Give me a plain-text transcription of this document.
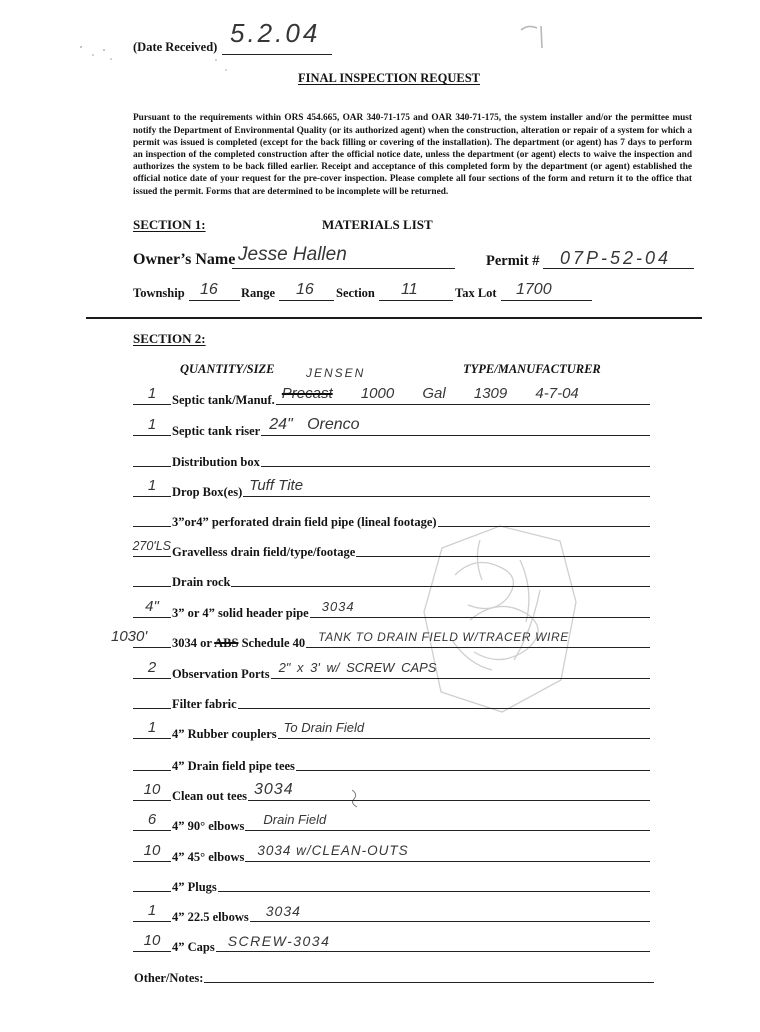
(Date Received) 5.2.04
FINAL INSPECTION REQUEST

Pursuant to the requirements within ORS 454.665, OAR 340-71-175 and OAR 340-71-175, the system installer and/or the permittee must notify the Department of Environmental Quality (or its authorized agent) when the construction, alteration or repair of a system for which a permit was issued is completed (except for the back filling or covering of the installation). The department (or agent) has 7 days to perform an inspection of the completed construction after the official notice date, unless the department (or agent) elects to waive the inspection and authorizes the system to be back filled earlier. Receipt and acceptance of this completed form by the department (or agent) established the official notice date of your request for the pre-cover inspection. Please complete all four sections of the form and return it to the office that issued the permit. Forms that are determined to be incomplete will be returned.

SECTION 1:	MATERIALS LIST
Owner’s Name Jesse Hallen	Permit # 07P-52-04
Township 16 Range 16 Section 11	Tax Lot 1700
SECTION 2:
QUANTITY/SIZE	TYPE/MANUFACTURER
JENSEN
1	Septic tank/Manuf. Precast 1000 Gal 1309 4-7-04
1	Septic tank riser 24" Orenco
Distribution box
1	Drop Box(es) Tuff Tite
3”or4” perforated drain field pipe (lineal footage)
270'LS Gravelless drain field/type/footage
Drain rock
4"	3” or 4” solid header pipe 3034
1030' 3034 or ABS Schedule 40 TANK TO DRAIN FIELD W/TRACER WIRE
2	Observation Ports 2" x 3' w/ SCREW CAPS
Filter fabric
1	4” Rubber couplers To Drain Field
4” Drain field pipe tees
10 Clean out tees 3034
6	4” 90° elbows Drain Field
10 4” 45° elbows 3034 w/CLEAN-OUTS
4” Plugs
1	4” 22.5 elbows 3034
10 4” Caps SCREW-3034
Other/Notes:
